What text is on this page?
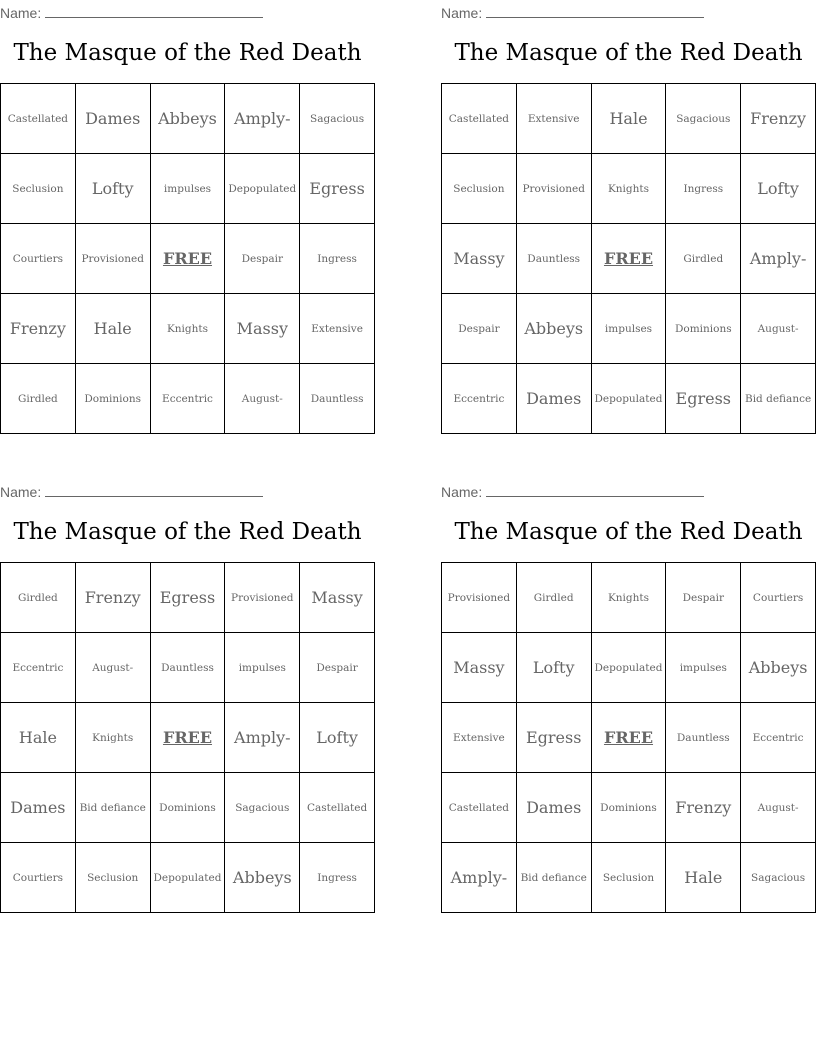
Name:
The Masque of the Red Death
Castellated	Dames	Abbeys	Amply-	Sagacious
Seclusion	Lofty	impulses	Depopulated	Egress
Courtiers	Provisioned	FREE	Despair	Ingress
Frenzy	Hale	Knights	Massy	Extensive
Girdled	Dominions	Eccentric	August-	Dauntless
Name:
The Masque of the Red Death
Castellated	Extensive	Hale	Sagacious	Frenzy
Seclusion	Provisioned	Knights	Ingress	Lofty
Massy	Dauntless	FREE	Girdled	Amply-
Despair	Abbeys	impulses	Dominions	August-
Eccentric	Dames	Depopulated	Egress	Bid defiance
Name:
The Masque of the Red Death
Girdled	Frenzy	Egress	Provisioned	Massy
Eccentric	August-	Dauntless	impulses	Despair
Hale	Knights	FREE	Amply-	Lofty
Dames	Bid defiance	Dominions	Sagacious	Castellated
Courtiers	Seclusion	Depopulated	Abbeys	Ingress
Name:
The Masque of the Red Death
Provisioned	Girdled	Knights	Despair	Courtiers
Massy	Lofty	Depopulated	impulses	Abbeys
Extensive	Egress	FREE	Dauntless	Eccentric
Castellated	Dames	Dominions	Frenzy	August-
Amply-	Bid defiance	Seclusion	Hale	Sagacious
